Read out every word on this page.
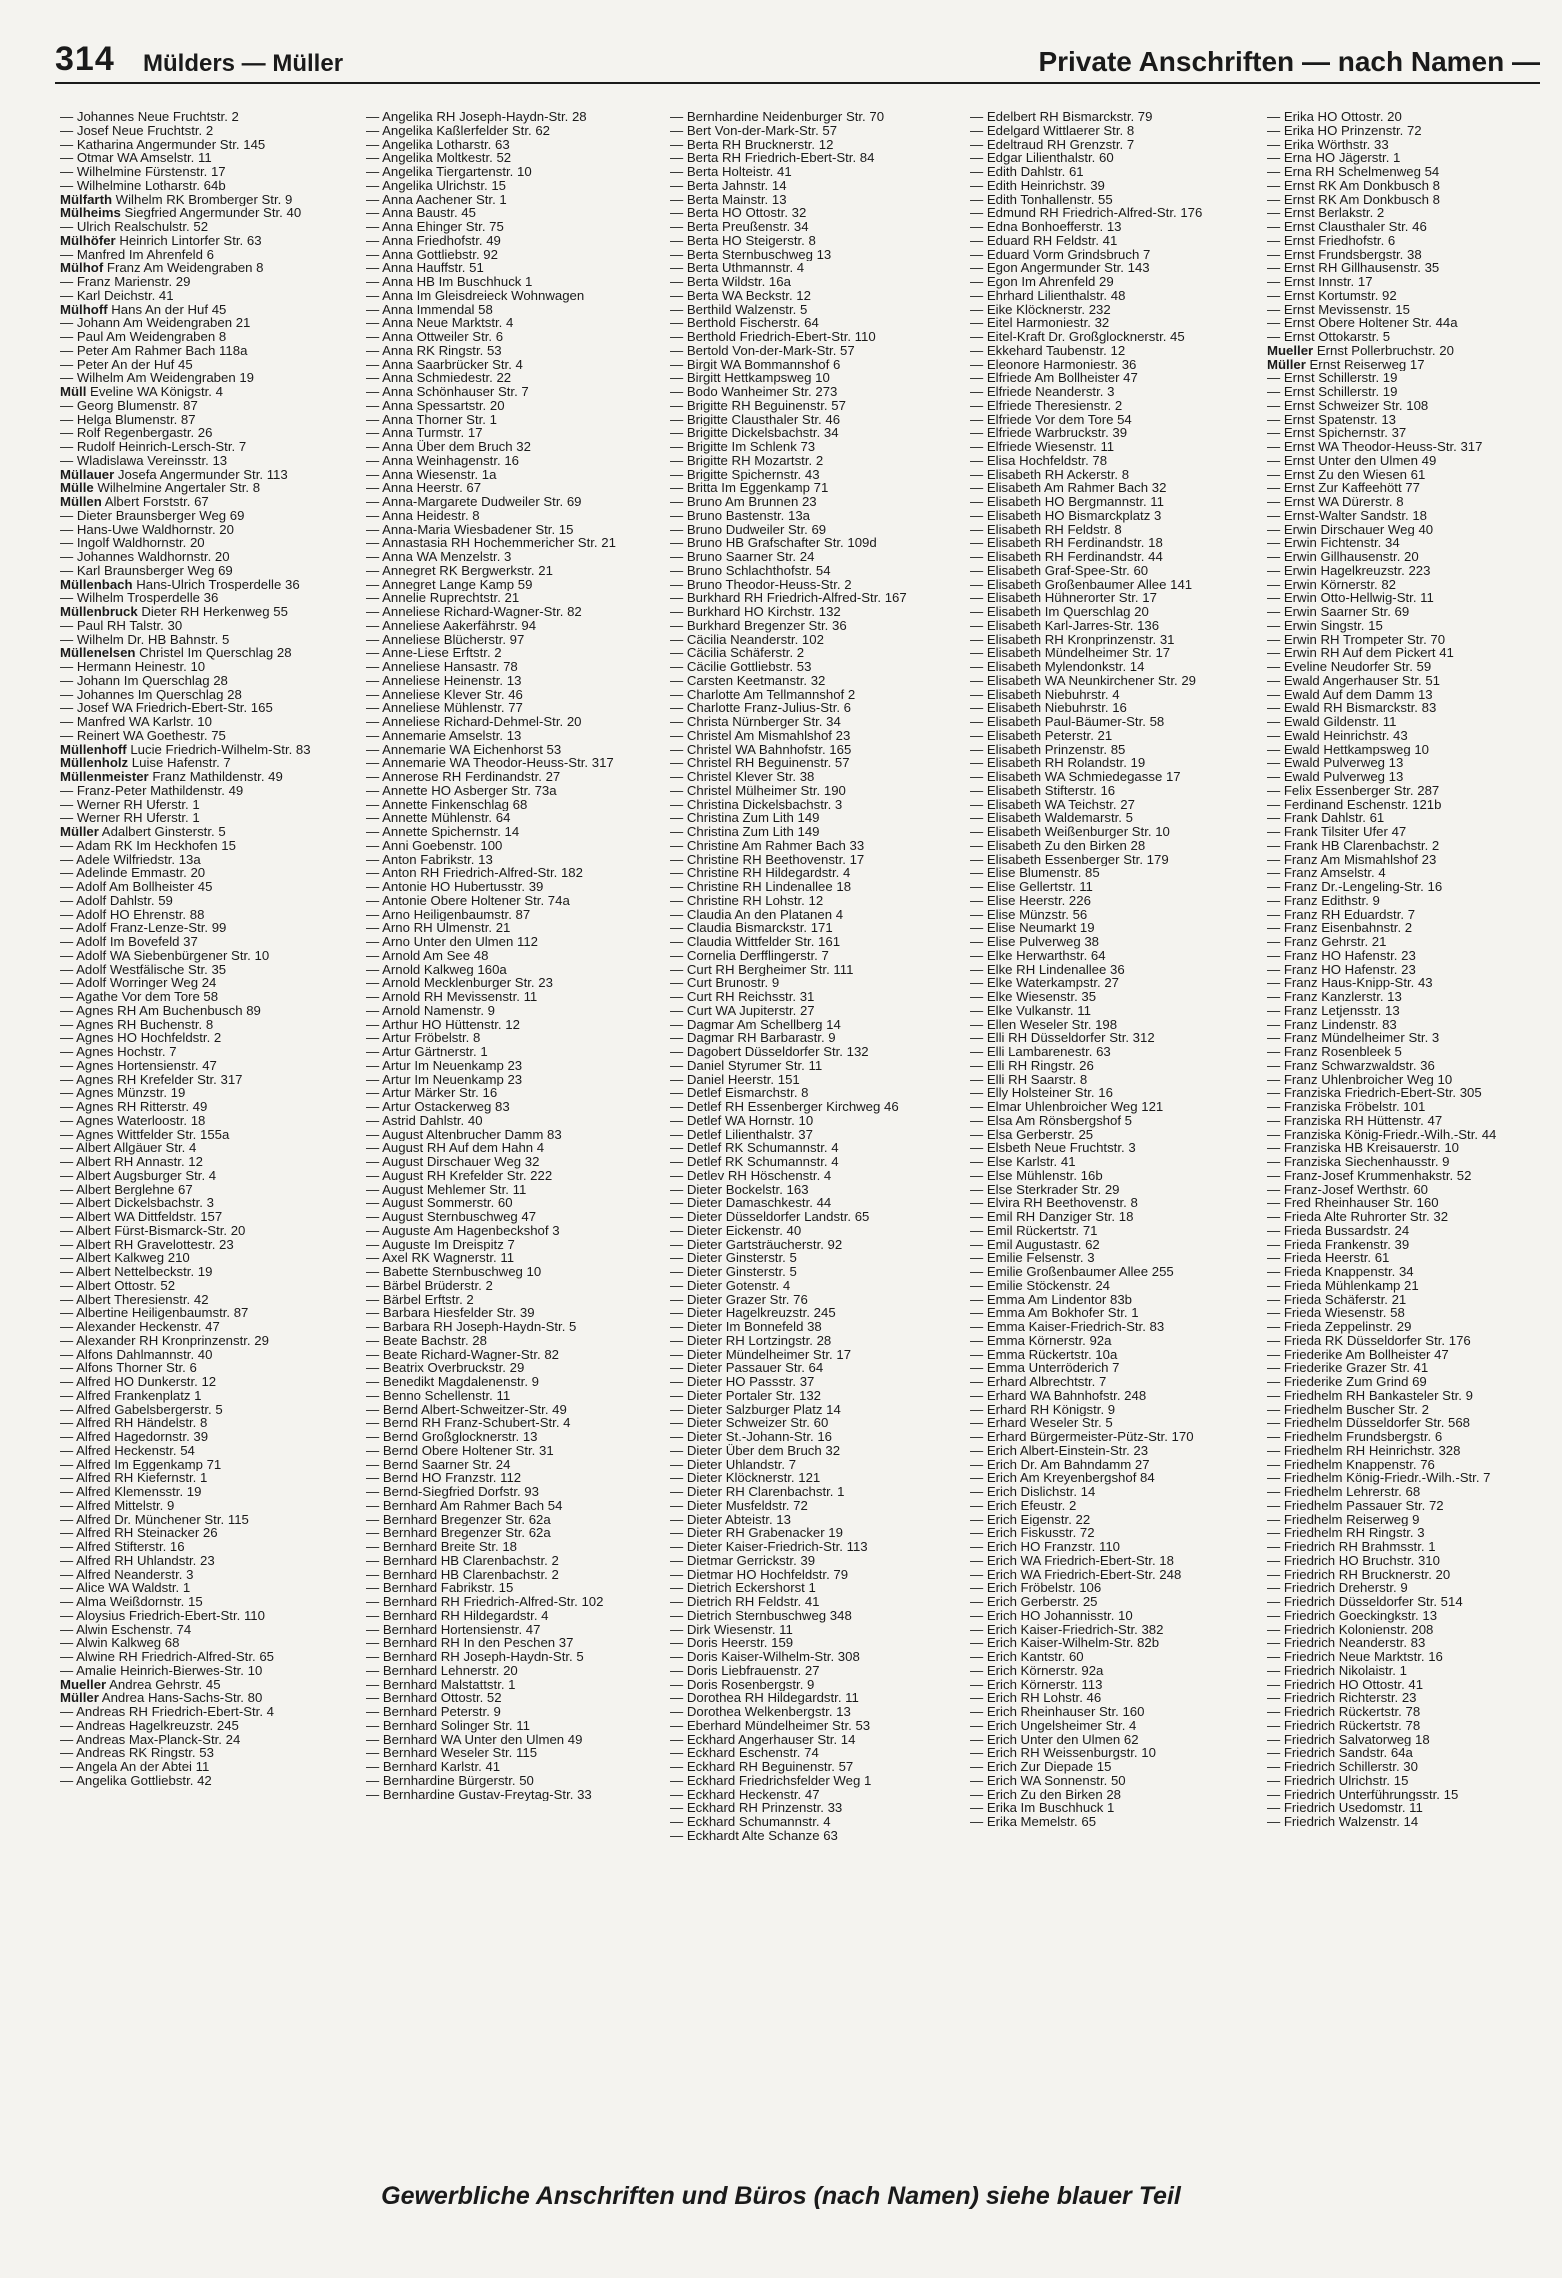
314 Mülders — Müller	Private Anschriften — nach Namen —
— Johannes Neue Fruchtstr. 2
— Josef Neue Fruchtstr. 2
— Katharina Angermunder Str. 145
— Otmar WA Amselstr. 11
— Wilhelmine Fürstenstr. 17
— Wilhelmine Lotharstr. 64b
Mülfarth Wilhelm RK Bromberger Str. 9
Mülheims Siegfried Angermunder Str. 40
— Ulrich Realschulstr. 52
Mülhöfer Heinrich Lintorfer Str. 63
— Manfred Im Ahrenfeld 6
Mülhof Franz Am Weidengraben 8
— Franz Marienstr. 29
— Karl Deichstr. 41
Mülhoff Hans An der Huf 45
— Johann Am Weidengraben 21
— Paul Am Weidengraben 8
— Peter Am Rahmer Bach 118a
— Peter An der Huf 45
— Wilhelm Am Weidengraben 19
Müll Eveline WA Königstr. 4
— Georg Blumenstr. 87
— Helga Blumenstr. 87
— Rolf Regenbergastr. 26
— Rudolf Heinrich-Lersch-Str. 7
— Wladislawa Vereinsstr. 13
Müllauer Josefa Angermunder Str. 113
Mülle Wilhelmine Angertaler Str. 8
Müllen Albert Forststr. 67
— Dieter Braunsberger Weg 69
— Hans-Uwe Waldhornstr. 20
— Ingolf Waldhornstr. 20
— Johannes Waldhornstr. 20
— Karl Braunsberger Weg 69
Müllenbach Hans-Ulrich Trosperdelle 36
— Wilhelm Trosperdelle 36
Müllenbruck Dieter RH Herkenweg 55
— Paul RH Talstr. 30
— Wilhelm Dr. HB Bahnstr. 5
Müllenelsen Christel Im Querschlag 28
— Hermann Heinestr. 10
— Johann Im Querschlag 28
— Johannes Im Querschlag 28
— Josef WA Friedrich-Ebert-Str. 165
— Manfred WA Karlstr. 10
— Reinert WA Goethestr. 75
Müllenhoff Lucie Friedrich-Wilhelm-Str. 83
Müllenholz Luise Hafenstr. 7
Müllenmeister Franz Mathildenstr. 49
— Franz-Peter Mathildenstr. 49
— Werner RH Uferstr. 1
— Werner RH Uferstr. 1
Müller Adalbert Ginsterstr. 5
— Adam RK Im Heckhofen 15
— Adele Wilfriedstr. 13a
— Adelinde Emmastr. 20
— Adolf Am Bollheister 45
— Adolf Dahlstr. 59
— Adolf HO Ehrenstr. 88
— Adolf Franz-Lenze-Str. 99
— Adolf Im Bovefeld 37
— Adolf WA Siebenbürgener Str. 10
— Adolf Westfälische Str. 35
— Adolf Worringer Weg 24
— Agathe Vor dem Tore 58
— Agnes RH Am Buchenbusch 89
— Agnes RH Buchenstr. 8
— Agnes HO Hochfeldstr. 2
— Agnes Hochstr. 7
— Agnes Hortensienstr. 47
— Agnes RH Krefelder Str. 317
— Agnes Münzstr. 19
— Agnes RH Ritterstr. 49
— Agnes Waterloostr. 18
— Agnes Wittfelder Str. 155a
— Albert Allgäuer Str. 4
— Albert RH Annastr. 12
— Albert Augsburger Str. 4
— Albert Berglehne 67
— Albert Dickelsbachstr. 3
— Albert WA Dittfeldstr. 157
— Albert Fürst-Bismarck-Str. 20
— Albert RH Gravelottestr. 23
— Albert Kalkweg 210
— Albert Nettelbeckstr. 19
— Albert Ottostr. 52
— Albert Theresienstr. 42
— Albertine Heiligenbaumstr. 87
— Alexander Heckenstr. 47
— Alexander RH Kronprinzenstr. 29
— Alfons Dahlmannstr. 40
— Alfons Thorner Str. 6
— Alfred HO Dunkerstr. 12
— Alfred Frankenplatz 1
— Alfred Gabelsbergerstr. 5
— Alfred RH Händelstr. 8
— Alfred Hagedornstr. 39
— Alfred Heckenstr. 54
— Alfred Im Eggenkamp 71
— Alfred RH Kiefernstr. 1
— Alfred Klemensstr. 19
— Alfred Mittelstr. 9
— Alfred Dr. Münchener Str. 115
— Alfred RH Steinacker 26
— Alfred Stifterstr. 16
— Alfred RH Uhlandstr. 23
— Alfred Neanderstr. 3
— Alice WA Waldstr. 1
— Alma Weißdornstr. 15
— Aloysius Friedrich-Ebert-Str. 110
— Alwin Eschenstr. 74
— Alwin Kalkweg 68
— Alwine RH Friedrich-Alfred-Str. 65
— Amalie Heinrich-Bierwes-Str. 10
Mueller Andrea Gehrstr. 45
Müller Andrea Hans-Sachs-Str. 80
— Andreas RH Friedrich-Ebert-Str. 4
— Andreas Hagelkreuzstr. 245
— Andreas Max-Planck-Str. 24
— Andreas RK Ringstr. 53
— Angela An der Abtei 11
— Angelika Gottliebstr. 42
— Angelika RH Joseph-Haydn-Str. 28
— Angelika Kaßlerfelder Str. 62
— Angelika Lotharstr. 63
— Angelika Moltkestr. 52
— Angelika Tiergartenstr. 10
— Angelika Ulrichstr. 15
— Anna Aachener Str. 1
— Anna Baustr. 45
— Anna Ehinger Str. 75
— Anna Friedhofstr. 49
— Anna Gottliebstr. 92
— Anna Hauffstr. 51
— Anna HB Im Buschhuck 1
— Anna Im Gleisdreieck Wohnwagen
— Anna Immendal 58
— Anna Neue Marktstr. 4
— Anna Ottweiler Str. 6
— Anna RK Ringstr. 53
— Anna Saarbrücker Str. 4
— Anna Schmiedestr. 22
— Anna Schönhauser Str. 7
— Anna Spessartstr. 20
— Anna Thorner Str. 1
— Anna Turmstr. 17
— Anna Über dem Bruch 32
— Anna Weinhagenstr. 16
— Anna Wiesenstr. 1a
— Anna Heerstr. 67
— Anna-Margarete Dudweiler Str. 69
— Anna Heidestr. 8
— Anna-Maria Wiesbadener Str. 15
— Annastasia RH Hochemmericher Str. 21
— Anna WA Menzelstr. 3
— Annegret RK Bergwerkstr. 21
— Annegret Lange Kamp 59
— Annelie Ruprechtstr. 21
— Anneliese Richard-Wagner-Str. 82
— Anneliese Aakerfährstr. 94
— Anneliese Blücherstr. 97
— Anne-Liese Erftstr. 2
— Anneliese Hansastr. 78
— Anneliese Heinenstr. 13
— Anneliese Klever Str. 46
— Anneliese Mühlenstr. 77
— Anneliese Richard-Dehmel-Str. 20
— Annemarie Amselstr. 13
— Annemarie WA Eichenhorst 53
— Annemarie WA Theodor-Heuss-Str. 317
— Annerose RH Ferdinandstr. 27
— Annette HO Asberger Str. 73a
— Annette Finkenschlag 68
— Annette Mühlenstr. 64
— Annette Spichernstr. 14
— Anni Goebenstr. 100
— Anton Fabrikstr. 13
— Anton RH Friedrich-Alfred-Str. 182
— Antonie HO Hubertusstr. 39
— Antonie Obere Holtener Str. 74a
— Arno Heiligenbaumstr. 87
— Arno RH Ulmenstr. 21
— Arno Unter den Ulmen 112
— Arnold Am See 48
— Arnold Kalkweg 160a
— Arnold Mecklenburger Str. 23
— Arnold RH Mevissenstr. 11
— Arnold Namenstr. 9
— Arthur HO Hüttenstr. 12
— Artur Fröbelstr. 8
— Artur Gärtnerstr. 1
— Artur Im Neuenkamp 23
— Artur Im Neuenkamp 23
— Artur Märker Str. 16
— Artur Ostackerweg 83
— Astrid Dahlstr. 40
— August Altenbrucher Damm 83
— August RH Auf dem Hahn 4
— August Dirschauer Weg 32
— August RH Krefelder Str. 222
— August Mehlemer Str. 11
— August Sommerstr. 60
— August Sternbuschweg 47
— Auguste Am Hagenbeckshof 3
— Auguste Im Dreispitz 7
— Axel RK Wagnerstr. 11
— Babette Sternbuschweg 10
— Bärbel Brüderstr. 2
— Bärbel Erftstr. 2
— Barbara Hiesfelder Str. 39
— Barbara RH Joseph-Haydn-Str. 5
— Beate Bachstr. 28
— Beate Richard-Wagner-Str. 82
— Beatrix Overbruckstr. 29
— Benedikt Magdalenenstr. 9
— Benno Schellenstr. 11
— Bernd Albert-Schweitzer-Str. 49
— Bernd RH Franz-Schubert-Str. 4
— Bernd Großglocknerstr. 13
— Bernd Obere Holtener Str. 31
— Bernd Saarner Str. 24
— Bernd HO Franzstr. 112
— Bernd-Siegfried Dorfstr. 93
— Bernhard Am Rahmer Bach 54
— Bernhard Bregenzer Str. 62a
— Bernhard Bregenzer Str. 62a
— Bernhard Breite Str. 18
— Bernhard HB Clarenbachstr. 2
— Bernhard HB Clarenbachstr. 2
— Bernhard Fabrikstr. 15
— Bernhard RH Friedrich-Alfred-Str. 102
— Bernhard RH Hildegardstr. 4
— Bernhard Hortensienstr. 47
— Bernhard RH In den Peschen 37
— Bernhard RH Joseph-Haydn-Str. 5
— Bernhard Lehnerstr. 20
— Bernhard Malstattstr. 1
— Bernhard Ottostr. 52
— Bernhard Peterstr. 9
— Bernhard Solinger Str. 11
— Bernhard WA Unter den Ulmen 49
— Bernhard Weseler Str. 115
— Bernhard Karlstr. 41
— Bernhardine Bürgerstr. 50
— Bernhardine Gustav-Freytag-Str. 33
— Bernhardine Neidenburger Str. 70
— Bert Von-der-Mark-Str. 57
— Berta RH Brucknerstr. 12
— Berta RH Friedrich-Ebert-Str. 84
— Berta Holteistr. 41
— Berta Jahnstr. 14
— Berta Mainstr. 13
— Berta HO Ottostr. 32
— Berta Preußenstr. 34
— Berta HO Steigerstr. 8
— Berta Sternbuschweg 13
— Berta Uthmannstr. 4
— Berta Wildstr. 16a
— Berta WA Beckstr. 12
— Berthild Walzenstr. 5
— Berthold Fischerstr. 64
— Berthold Friedrich-Ebert-Str. 110
— Bertold Von-der-Mark-Str. 57
— Birgit WA Bommannshof 6
— Birgitt Hettkampsweg 10
— Bodo Wanheimer Str. 273
— Brigitte RH Beguinenstr. 57
— Brigitte Clausthaler Str. 46
— Brigitte Dickelsbachstr. 34
— Brigitte Im Schlenk 73
— Brigitte RH Mozartstr. 2
— Brigitte Spichernstr. 43
— Britta Im Eggenkamp 71
— Bruno Am Brunnen 23
— Bruno Bastenstr. 13a
— Bruno Dudweiler Str. 69
— Bruno HB Grafschafter Str. 109d
— Bruno Saarner Str. 24
— Bruno Schlachthofstr. 54
— Bruno Theodor-Heuss-Str. 2
— Burkhard RH Friedrich-Alfred-Str. 167
— Burkhard HO Kirchstr. 132
— Burkhard Bregenzer Str. 36
— Cäcilia Neanderstr. 102
— Cäcilia Schäferstr. 2
— Cäcilie Gottliebstr. 53
— Carsten Keetmanstr. 32
— Charlotte Am Tellmannshof 2
— Charlotte Franz-Julius-Str. 6
— Christa Nürnberger Str. 34
— Christel Am Mismahlshof 23
— Christel WA Bahnhofstr. 165
— Christel RH Beguinenstr. 57
— Christel Klever Str. 38
— Christel Mülheimer Str. 190
— Christina Dickelsbachstr. 3
— Christina Zum Lith 149
— Christina Zum Lith 149
— Christine Am Rahmer Bach 33
— Christine RH Beethovenstr. 17
— Christine RH Hildegardstr. 4
— Christine RH Lindenallee 18
— Christine RH Lohstr. 12
— Claudia An den Platanen 4
— Claudia Bismarckstr. 171
— Claudia Wittfelder Str. 161
— Cornelia Derfflingerstr. 7
— Curt RH Bergheimer Str. 111
— Curt Brunostr. 9
— Curt RH Reichsstr. 31
— Curt WA Jupiterstr. 27
— Dagmar Am Schellberg 14
— Dagmar RH Barbarastr. 9
— Dagobert Düsseldorfer Str. 132
— Daniel Styrumer Str. 11
— Daniel Heerstr. 151
— Detlef Eismarchstr. 8
— Detlef RH Essenberger Kirchweg 46
— Detlef WA Hornstr. 10
— Detlef Lilienthalstr. 37
— Detlef RK Schumannstr. 4
— Detlef RK Schumannstr. 4
— Detlev RH Höschenstr. 4
— Dieter Bockelstr. 163
— Dieter Damaschkestr. 44
— Dieter Düsseldorfer Landstr. 65
— Dieter Eickenstr. 40
— Dieter Gartsträucherstr. 92
— Dieter Ginsterstr. 5
— Dieter Ginsterstr. 5
— Dieter Gotenstr. 4
— Dieter Grazer Str. 76
— Dieter Hagelkreuzstr. 245
— Dieter Im Bonnefeld 38
— Dieter RH Lortzingstr. 28
— Dieter Mündelheimer Str. 17
— Dieter Passauer Str. 64
— Dieter HO Passstr. 37
— Dieter Portaler Str. 132
— Dieter Salzburger Platz 14
— Dieter Schweizer Str. 60
— Dieter St.-Johann-Str. 16
— Dieter Über dem Bruch 32
— Dieter Uhlandstr. 7
— Dieter Klöcknerstr. 121
— Dieter RH Clarenbachstr. 1
— Dieter Musfeldstr. 72
— Dieter Abteistr. 13
— Dieter RH Grabenacker 19
— Dieter Kaiser-Friedrich-Str. 113
— Dietmar Gerrickstr. 39
— Dietmar HO Hochfeldstr. 79
— Dietrich Eckershorst 1
— Dietrich RH Feldstr. 41
— Dietrich Sternbuschweg 348
— Dirk Wiesenstr. 11
— Doris Heerstr. 159
— Doris Kaiser-Wilhelm-Str. 308
— Doris Liebfrauenstr. 27
— Doris Rosenbergstr. 9
— Dorothea RH Hildegardstr. 11
— Dorothea Welkenbergstr. 13
— Eberhard Mündelheimer Str. 53
— Eckhard Angerhauser Str. 14
— Eckhard Eschenstr. 74
— Eckhard RH Beguinenstr. 57
— Eckhard Friedrichsfelder Weg 1
— Eckhard Heckenstr. 47
— Eckhard RH Prinzenstr. 33
— Eckhard Schumannstr. 4
— Eckhardt Alte Schanze 63
— Edelbert RH Bismarckstr. 79
— Edelgard Wittlaerer Str. 8
— Edeltraud RH Grenzstr. 7
— Edgar Lilienthalstr. 60
— Edith Dahlstr. 61
— Edith Heinrichstr. 39
— Edith Tonhallenstr. 55
— Edmund RH Friedrich-Alfred-Str. 176
— Edna Bonhoefferstr. 13
— Eduard RH Feldstr. 41
— Eduard Vorm Grindsbruch 7
— Egon Angermunder Str. 143
— Egon Im Ahrenfeld 29
— Ehrhard Lilienthalstr. 48
— Eike Klöcknerstr. 232
— Eitel Harmoniestr. 32
— Eitel-Kraft Dr. Großglocknerstr. 45
— Ekkehard Taubenstr. 12
— Eleonore Harmoniestr. 36
— Elfriede Am Bollheister 47
— Elfriede Neanderstr. 3
— Elfriede Theresienstr. 2
— Elfriede Vor dem Tore 54
— Elfriede Warbruckstr. 39
— Elfriede Wiesenstr. 11
— Elisa Hochfeldstr. 78
— Elisabeth RH Ackerstr. 8
— Elisabeth Am Rahmer Bach 32
— Elisabeth HO Bergmannstr. 11
— Elisabeth HO Bismarckplatz 3
— Elisabeth RH Feldstr. 8
— Elisabeth RH Ferdinandstr. 18
— Elisabeth RH Ferdinandstr. 44
— Elisabeth Graf-Spee-Str. 60
— Elisabeth Großenbaumer Allee 141
— Elisabeth Hühnerorter Str. 17
— Elisabeth Im Querschlag 20
— Elisabeth Karl-Jarres-Str. 136
— Elisabeth RH Kronprinzenstr. 31
— Elisabeth Mündelheimer Str. 17
— Elisabeth Mylendonkstr. 14
— Elisabeth WA Neunkirchener Str. 29
— Elisabeth Niebuhrstr. 4
— Elisabeth Niebuhrstr. 16
— Elisabeth Paul-Bäumer-Str. 58
— Elisabeth Peterstr. 21
— Elisabeth Prinzenstr. 85
— Elisabeth RH Rolandstr. 19
— Elisabeth WA Schmiedegasse 17
— Elisabeth Stifterstr. 16
— Elisabeth WA Teichstr. 27
— Elisabeth Waldemarstr. 5
— Elisabeth Weißenburger Str. 10
— Elisabeth Zu den Birken 28
— Elisabeth Essenberger Str. 179
— Elise Blumenstr. 85
— Elise Gellertstr. 11
— Elise Heerstr. 226
— Elise Münzstr. 56
— Elise Neumarkt 19
— Elise Pulverweg 38
— Elke Herwarthstr. 64
— Elke RH Lindenallee 36
— Elke Waterkampstr. 27
— Elke Wiesenstr. 35
— Elke Vulkanstr. 11
— Ellen Weseler Str. 198
— Elli RH Düsseldorfer Str. 312
— Elli Lambarenestr. 63
— Elli RH Ringstr. 26
— Elli RH Saarstr. 8
— Elly Holsteiner Str. 16
— Elmar Uhlenbroicher Weg 121
— Elsa Am Rönsbergshof 5
— Elsa Gerberstr. 25
— Elsbeth Neue Fruchtstr. 3
— Else Karlstr. 41
— Else Mühlenstr. 16b
— Else Sterkrader Str. 29
— Elvira RH Beethovenstr. 8
— Emil RH Danziger Str. 18
— Emil Rückertstr. 71
— Emil Augustastr. 62
— Emilie Felsenstr. 3
— Emilie Großenbaumer Allee 255
— Emilie Stöckenstr. 24
— Emma Am Lindentor 83b
— Emma Am Bokhofer Str. 1
— Emma Kaiser-Friedrich-Str. 83
— Emma Körnerstr. 92a
— Emma Rückertstr. 10a
— Emma Unterröderich 7
— Erhard Albrechtstr. 7
— Erhard WA Bahnhofstr. 248
— Erhard RH Königstr. 9
— Erhard Weseler Str. 5
— Erhard Bürgermeister-Pütz-Str. 170
— Erich Albert-Einstein-Str. 23
— Erich Dr. Am Bahndamm 27
— Erich Am Kreyenbergshof 84
— Erich Dislichstr. 14
— Erich Efeustr. 2
— Erich Eigenstr. 22
— Erich Fiskusstr. 72
— Erich HO Franzstr. 110
— Erich WA Friedrich-Ebert-Str. 18
— Erich WA Friedrich-Ebert-Str. 248
— Erich Fröbelstr. 106
— Erich Gerberstr. 25
— Erich HO Johannisstr. 10
— Erich Kaiser-Friedrich-Str. 382
— Erich Kaiser-Wilhelm-Str. 82b
— Erich Kantstr. 60
— Erich Körnerstr. 92a
— Erich Körnerstr. 113
— Erich RH Lohstr. 46
— Erich Rheinhauser Str. 160
— Erich Ungelsheimer Str. 4
— Erich Unter den Ulmen 62
— Erich RH Weissenburgstr. 10
— Erich Zur Diepade 15
— Erich WA Sonnenstr. 50
— Erich Zu den Birken 28
— Erika Im Buschhuck 1
— Erika Memelstr. 65
— Erika HO Ottostr. 20
— Erika HO Prinzenstr. 72
— Erika Wörthstr. 33
— Erna HO Jägerstr. 1
— Erna RH Schelmenweg 54
— Ernst RK Am Donkbusch 8
— Ernst RK Am Donkbusch 8
— Ernst Berlakstr. 2
— Ernst Clausthaler Str. 46
— Ernst Friedhofstr. 6
— Ernst Frundsbergstr. 38
— Ernst RH Gillhausenstr. 35
— Ernst Innstr. 17
— Ernst Kortumstr. 92
— Ernst Mevissenstr. 15
— Ernst Obere Holtener Str. 44a
— Ernst Ottokarstr. 5
Mueller Ernst Pollerbruchstr. 20
Müller Ernst Reiserweg 17
— Ernst Schillerstr. 19
— Ernst Schillerstr. 19
— Ernst Schweizer Str. 108
— Ernst Spatenstr. 13
— Ernst Spichernstr. 37
— Ernst WA Theodor-Heuss-Str. 317
— Ernst Unter den Ulmen 49
— Ernst Zu den Wiesen 61
— Ernst Zur Kaffeehött 77
— Ernst WA Dürerstr. 8
— Ernst-Walter Sandstr. 18
— Erwin Dirschauer Weg 40
— Erwin Fichtenstr. 34
— Erwin Gillhausenstr. 20
— Erwin Hagelkreuzstr. 223
— Erwin Körnerstr. 82
— Erwin Otto-Hellwig-Str. 11
— Erwin Saarner Str. 69
— Erwin Singstr. 15
— Erwin RH Trompeter Str. 70
— Erwin RH Auf dem Pickert 41
— Eveline Neudorfer Str. 59
— Ewald Angerhauser Str. 51
— Ewald Auf dem Damm 13
— Ewald RH Bismarckstr. 83
— Ewald Gildenstr. 11
— Ewald Heinrichstr. 43
— Ewald Hettkampsweg 10
— Ewald Pulverweg 13
— Ewald Pulverweg 13
— Felix Essenberger Str. 287
— Ferdinand Eschenstr. 121b
— Frank Dahlstr. 61
— Frank Tilsiter Ufer 47
— Frank HB Clarenbachstr. 2
— Franz Am Mismahlshof 23
— Franz Amselstr. 4
— Franz Dr.-Lengeling-Str. 16
— Franz Edithstr. 9
— Franz RH Eduardstr. 7
— Franz Eisenbahnstr. 2
— Franz Gehrstr. 21
— Franz HO Hafenstr. 23
— Franz HO Hafenstr. 23
— Franz Haus-Knipp-Str. 43
— Franz Kanzlerstr. 13
— Franz Letjensstr. 13
— Franz Lindenstr. 83
— Franz Mündelheimer Str. 3
— Franz Rosenbleek 5
— Franz Schwarzwaldstr. 36
— Franz Uhlenbroicher Weg 10
— Franziska Friedrich-Ebert-Str. 305
— Franziska Fröbelstr. 101
— Franziska RH Hüttenstr. 47
— Franziska König-Friedr.-Wilh.-Str. 44
— Franziska HB Kreisauerstr. 10
— Franziska Siechenhausstr. 9
— Franz-Josef Krummenhakstr. 52
— Franz-Josef Werthstr. 60
— Fred Rheinhauser Str. 160
— Frieda Alte Ruhrorter Str. 32
— Frieda Bussardstr. 24
— Frieda Frankenstr. 39
— Frieda Heerstr. 61
— Frieda Knappenstr. 34
— Frieda Mühlenkamp 21
— Frieda Schäferstr. 21
— Frieda Wiesenstr. 58
— Frieda Zeppelinstr. 29
— Frieda RK Düsseldorfer Str. 176
— Friederike Am Bollheister 47
— Friederike Grazer Str. 41
— Friederike Zum Grind 69
— Friedhelm RH Bankasteler Str. 9
— Friedhelm Buscher Str. 2
— Friedhelm Düsseldorfer Str. 568
— Friedhelm Frundsbergstr. 6
— Friedhelm RH Heinrichstr. 328
— Friedhelm Knappenstr. 76
— Friedhelm König-Friedr.-Wilh.-Str. 7
— Friedhelm Lehrerstr. 68
— Friedhelm Passauer Str. 72
— Friedhelm Reiserweg 9
— Friedhelm RH Ringstr. 3
— Friedrich RH Brahmsstr. 1
— Friedrich HO Bruchstr. 310
— Friedrich RH Brucknerstr. 20
— Friedrich Dreherstr. 9
— Friedrich Düsseldorfer Str. 514
— Friedrich Goeckingkstr. 13
— Friedrich Kolonienstr. 208
— Friedrich Neanderstr. 83
— Friedrich Neue Marktstr. 16
— Friedrich Nikolaistr. 1
— Friedrich HO Ottostr. 41
— Friedrich Richterstr. 23
— Friedrich Rückertstr. 78
— Friedrich Rückertstr. 78
— Friedrich Salvatorweg 18
— Friedrich Sandstr. 64a
— Friedrich Schillerstr. 30
— Friedrich Ulrichstr. 15
— Friedrich Unterführungsstr. 15
— Friedrich Usedomstr. 11
— Friedrich Walzenstr. 14
Gewerbliche Anschriften und Büros (nach Namen) siehe blauer Teil
